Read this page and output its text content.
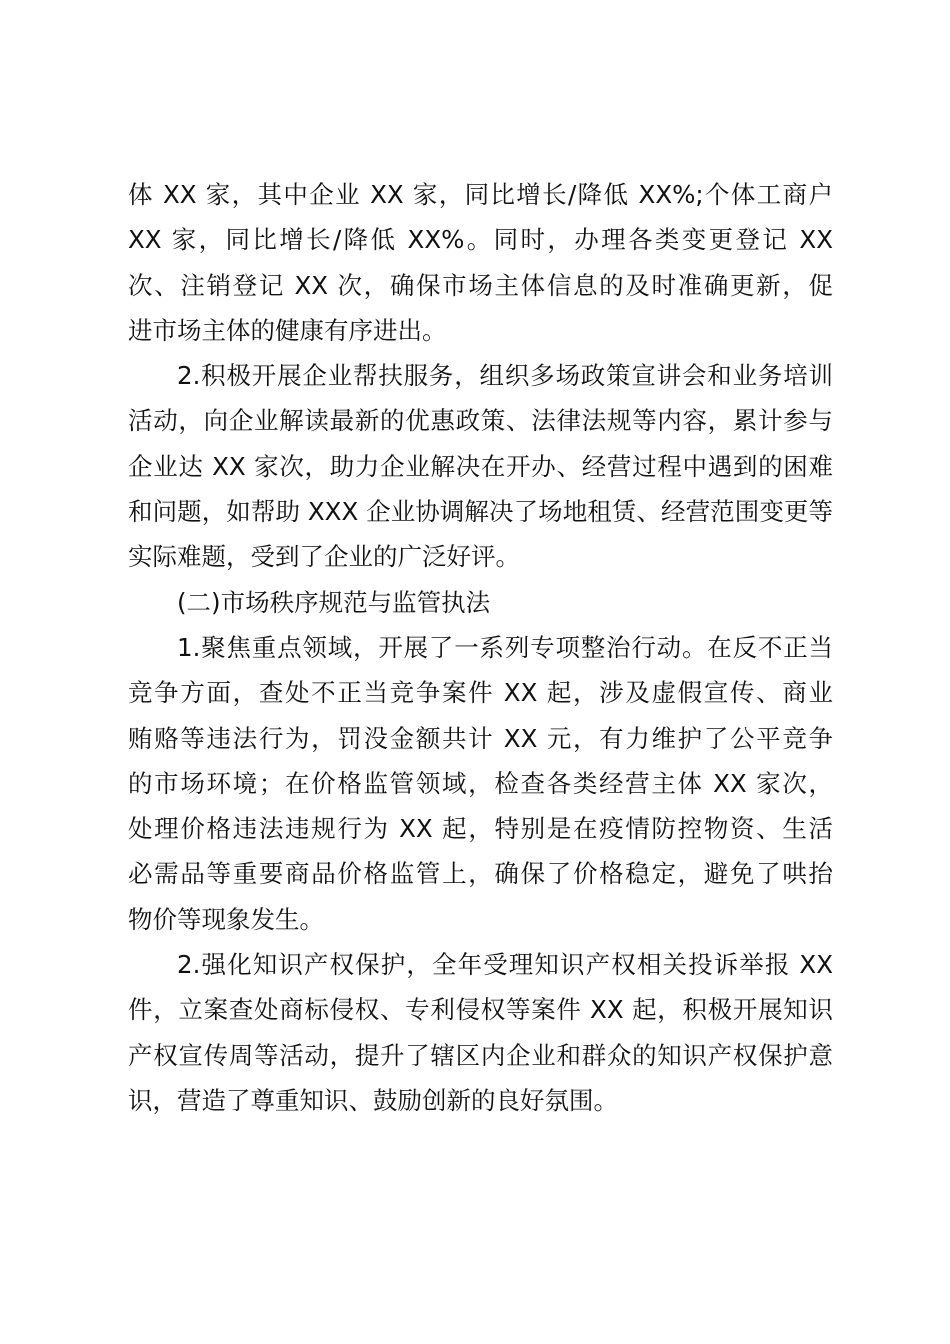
体 XX 家，其中企业 XX 家，同比增长/降低 XX%;个体工商户
XX 家，同比增长/降低 XX%。同时，办理各类变更登记 XX
次、注销登记 XX 次，确保市场主体信息的及时准确更新，促
进市场主体的健康有序进出。

2.积极开展企业帮扶服务，组织多场政策宣讲会和业务培训
活动，向企业解读最新的优惠政策、法律法规等内容，累计参与
企业达 XX 家次，助力企业解决在开办、经营过程中遇到的困难
和问题，如帮助 XXX 企业协调解决了场地租赁、经营范围变更等
实际难题，受到了企业的广泛好评。

(二)市场秩序规范与监管执法

1.聚焦重点领域，开展了一系列专项整治行动。在反不正当
竞争方面，查处不正当竞争案件 XX 起，涉及虚假宣传、商业
贿赂等违法行为，罚没金额共计 XX 元，有力维护了公平竞争
的市场环境；在价格监管领域，检查各类经营主体 XX 家次，
处理价格违法违规行为 XX 起，特别是在疫情防控物资、生活
必需品等重要商品价格监管上，确保了价格稳定，避免了哄抬
物价等现象发生。

2.强化知识产权保护，全年受理知识产权相关投诉举报 XX
件，立案查处商标侵权、专利侵权等案件 XX 起，积极开展知识
产权宣传周等活动，提升了辖区内企业和群众的知识产权保护意
识，营造了尊重知识、鼓励创新的良好氛围。
